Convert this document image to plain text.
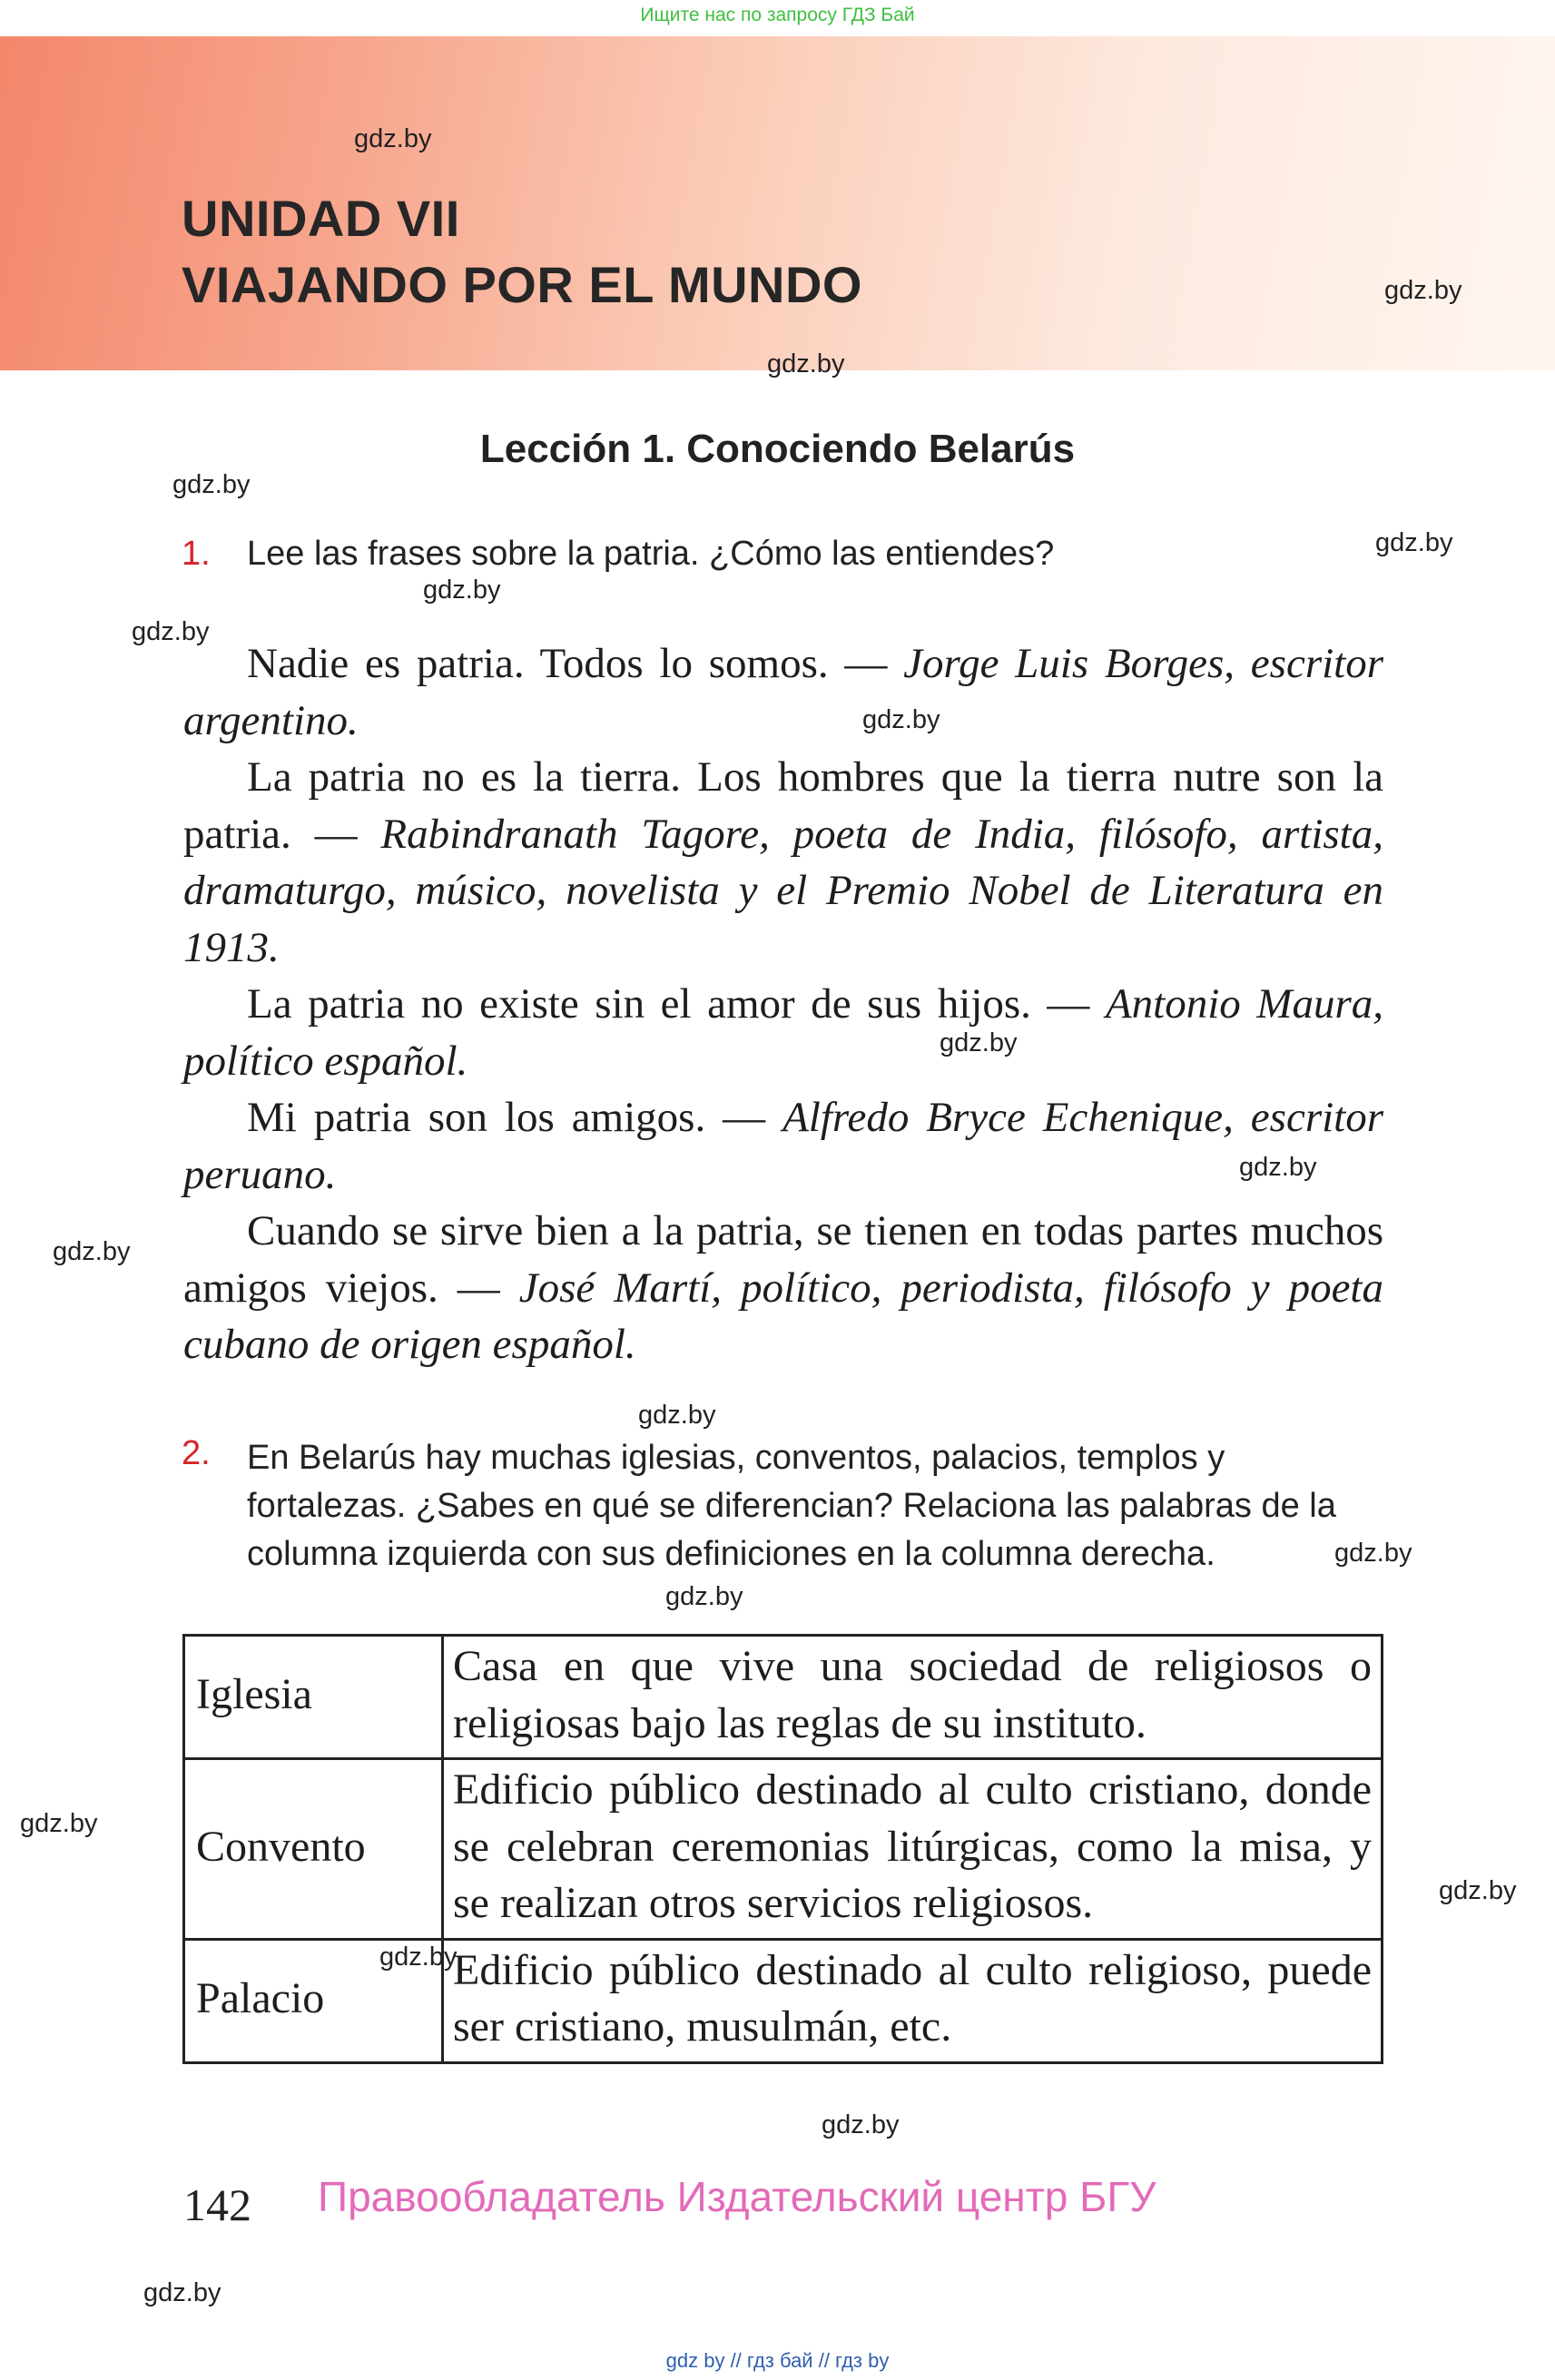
Ищите нас по запросу ГДЗ Бай
UNIDAD VII
VIAJANDO POR EL MUNDO
gdz.by
gdz.by
gdz.by
gdz.by
gdz.by
gdz.by
gdz.by
gdz.by
gdz.by
gdz.by
gdz.by
gdz.by
gdz.by
gdz.by
gdz.by
gdz.by
gdz.by
gdz.by
gdz.by
Lección 1. Conociendo Belarús
1. Lee las frases sobre la patria. ¿Cómo las entiendes?

Nadie es patria. Todos lo somos. — Jorge Luis Borges, escritor argentino.

La patria no es la tierra. Los hombres que la tierra nutre son la patria. — Rabindranath Tagore, poeta de India, filósofo, artista, dramaturgo, músico, novelista y el Premio Nobel de Literatura en 1913.

La patria no existe sin el amor de sus hijos. — Antonio Maura, político español.

Mi patria son los amigos. — Alfredo Bryce Echenique, escritor peruano.

Cuando se sirve bien a la patria, se tienen en todas partes muchos amigos viejos. — José Martí, político, periodista, filósofo y poeta cubano de origen español.

2. En Belarús hay muchas iglesias, conventos, palacios, templos y fortalezas. ¿Sabes en qué se diferencian? Relaciona las palabras de la columna izquierda con sus definiciones en la columna derecha.
Iglesia	Casa en que vive una sociedad de religiosos o religiosas bajo las reglas de su instituto.
Convento	Edificio público destinado al culto cristiano, donde se celebran ceremonias litúrgicas, como la misa, y se realizan otros servicios religiosos.
Palacio	Edificio público destinado al culto religioso, puede ser cristiano, musulmán, etc.
142 Правообладатель Издательский центр БГУ
gdz by // гдз бай // гдз by
